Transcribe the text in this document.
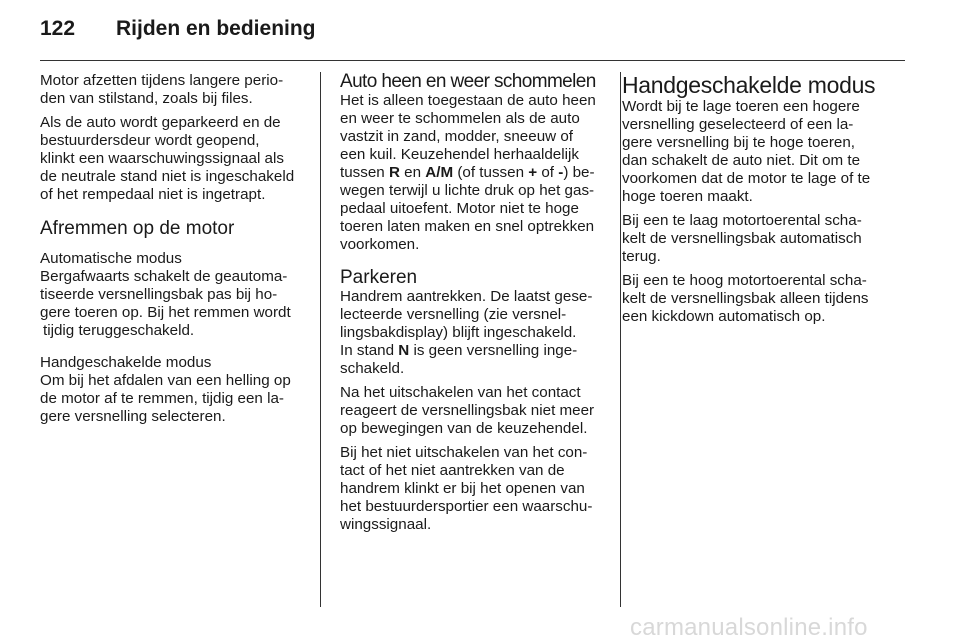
122 Rijden en bediening

Motor afzetten tijdens langere perio-
den van stilstand, zoals bij files.

Als de auto wordt geparkeerd en de
bestuurdersdeur wordt geopend,
klinkt een waarschuwingssignaal als
de neutrale stand niet is ingeschakeld
of het rempedaal niet is ingetrapt.

Afremmen op de motor
Automatische modus

Bergafwaarts schakelt de geautoma-
tiseerde versnellingsbak pas bij ho-
gere toeren op. Bij het remmen wordt
tijdig teruggeschakeld.

Handgeschakelde modus

Om bij het afdalen van een helling op
de motor af te remmen, tijdig een la-
gere versnelling selecteren.

Auto heen en weer schommelen

Het is alleen toegestaan de auto heen
en weer te schommelen als de auto
vastzit in zand, modder, sneeuw of
een kuil. Keuzehendel herhaaldelijk
tussen R en A/M (of tussen + of -) be-
wegen terwijl u lichte druk op het gas-
pedaal uitoefent. Motor niet te hoge
toeren laten maken en snel optrekken
voorkomen.

Parkeren

Handrem aantrekken. De laatst gese-
lecteerde versnelling (zie versnel-
lingsbakdisplay) blijft ingeschakeld.
In stand N is geen versnelling inge-
schakeld.

Na het uitschakelen van het contact
reageert de versnellingsbak niet meer
op bewegingen van de keuzehendel.

Bij het niet uitschakelen van het con-
tact of het niet aantrekken van de
handrem klinkt er bij het openen van
het bestuurdersportier een waarschu-
wingssignaal.

Handgeschakelde modus

Wordt bij te lage toeren een hogere
versnelling geselecteerd of een la-
gere versnelling bij te hoge toeren,
dan schakelt de auto niet. Dit om te
voorkomen dat de motor te lage of te
hoge toeren maakt.

Bij een te laag motortoerental scha-
kelt de versnellingsbak automatisch
terug.

Bij een te hoog motortoerental scha-
kelt de versnellingsbak alleen tijdens
een kickdown automatisch op.

carmanualsonline.info
